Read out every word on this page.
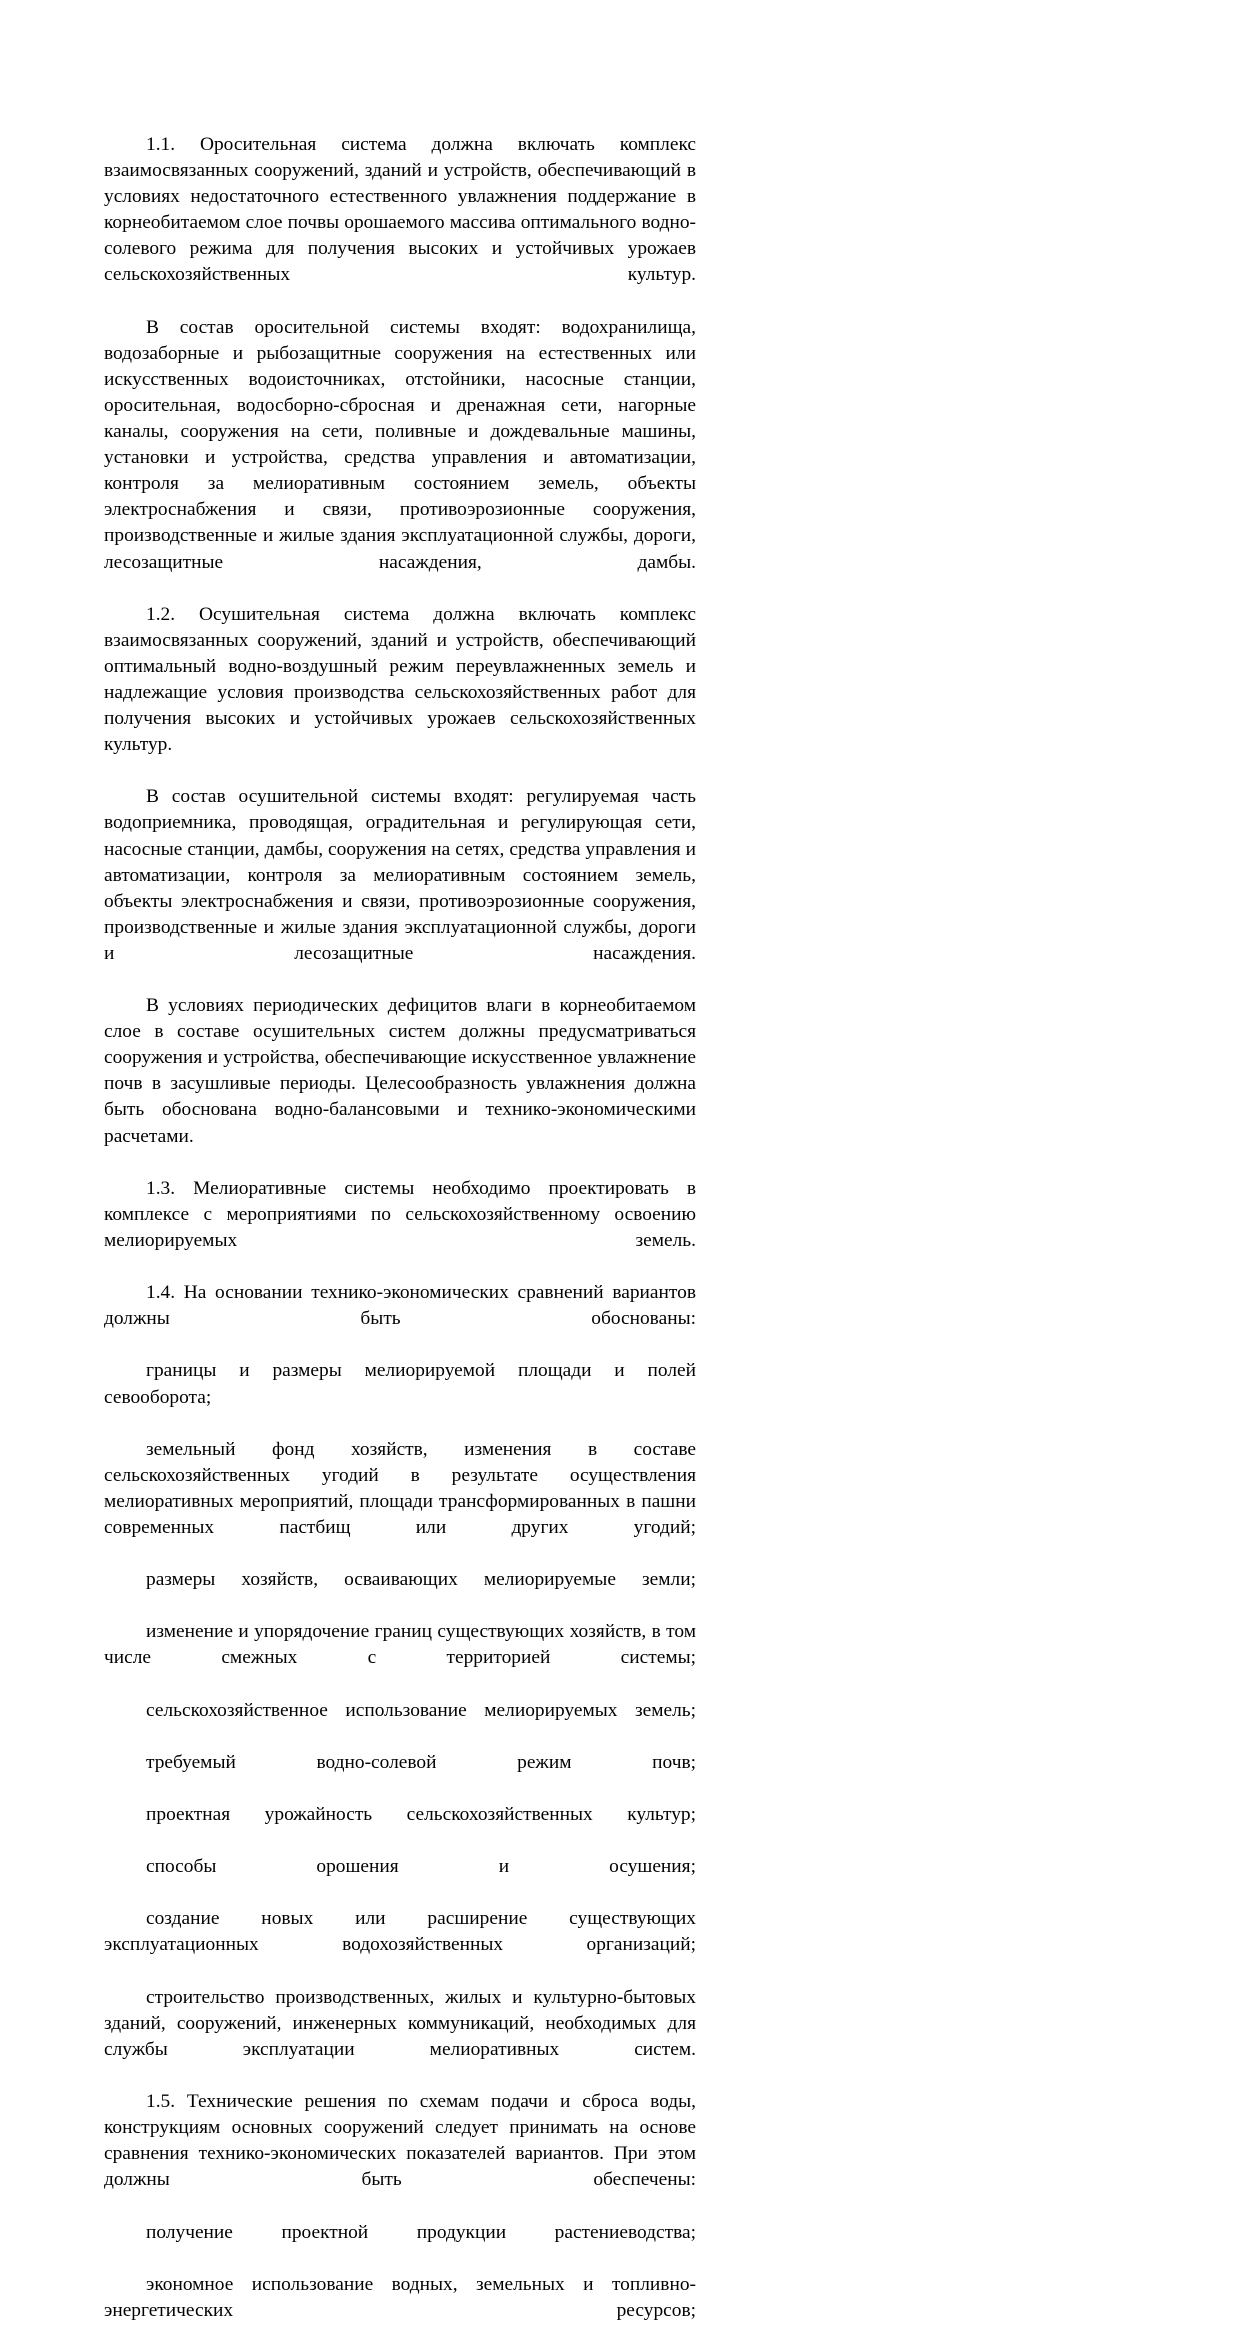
1.1. Оросительная система должна включать комплекс взаимосвязанных сооружений, зданий и устройств, обеспечивающий в условиях недостаточного естественного увлажнения поддержание в корнеобитаемом слое почвы орошаемого массива оптимального водно-солевого режима для получения высоких и устойчивых урожаев сельскохозяйственных культур.

В состав оросительной системы входят: водохранилища, водозаборные и рыбозащитные сооружения на естественных или искусственных водоисточниках, отстойники, насосные станции, оросительная, водосборно-сбросная и дренажная сети, нагорные каналы, сооружения на сети, поливные и дождевальные машины, установки и устройства, средства управления и автоматизации, контроля за мелиоративным состоянием земель, объекты электроснабжения и связи, противоэрозионные сооружения, производственные и жилые здания эксплуатационной службы, дороги, лесозащитные насаждения, дамбы.

1.2. Осушительная система должна включать комплекс взаимосвязанных сооружений, зданий и устройств, обеспечивающий оптимальный водно-воздушный режим переувлажненных земель и надлежащие условия производства сельскохозяйственных работ для получения высоких и устойчивых урожаев сельскохозяйственных культур.

В состав осушительной системы входят: регулируемая часть водоприемника, проводящая, оградительная и регулирующая сети, насосные станции, дамбы, сооружения на сетях, средства управления и автоматизации, контроля за мелиоративным состоянием земель, объекты электроснабжения и связи, противоэрозионные сооружения, производственные и жилые здания эксплуатационной службы, дороги и лесозащитные насаждения.

В условиях периодических дефицитов влаги в корнеобитаемом слое в составе осушительных систем должны предусматриваться сооружения и устройства, обеспечивающие искусственное увлажнение почв в засушливые периоды. Целесообразность увлажнения должна быть обоснована водно-балансовыми и технико-экономическими расчетами.

1.3. Мелиоративные системы необходимо проектировать в комплексе с мероприятиями по сельскохозяйственному освоению мелиорируемых земель.

1.4. На основании технико-экономических сравнений вариантов должны быть обоснованы:

границы и размеры мелиорируемой площади и полей севооборота;

земельный фонд хозяйств, изменения в составе сельскохозяйственных угодий в результате осуществления мелиоративных мероприятий, площади трансформированных в пашни современных пастбищ или других угодий;

размеры хозяйств, осваивающих мелиорируемые земли;

изменение и упорядочение границ существующих хозяйств, в том числе смежных с территорией системы;

сельскохозяйственное использование мелиорируемых земель;

требуемый водно-солевой режим почв;

проектная урожайность сельскохозяйственных культур;

способы орошения и осушения;

создание новых или расширение существующих эксплуатационных водохозяйственных организаций;

строительство производственных, жилых и культурно-бытовых зданий, сооружений, инженерных коммуникаций, необходимых для службы эксплуатации мелиоративных систем.

1.5. Технические решения по схемам подачи и сброса воды, конструкциям основных сооружений следует принимать на основе сравнения технико-экономических показателей вариантов. При этом должны быть обеспечены:

получение проектной продукции растениеводства;

экономное использование водных, земельных и топливно-энергетических ресурсов;
